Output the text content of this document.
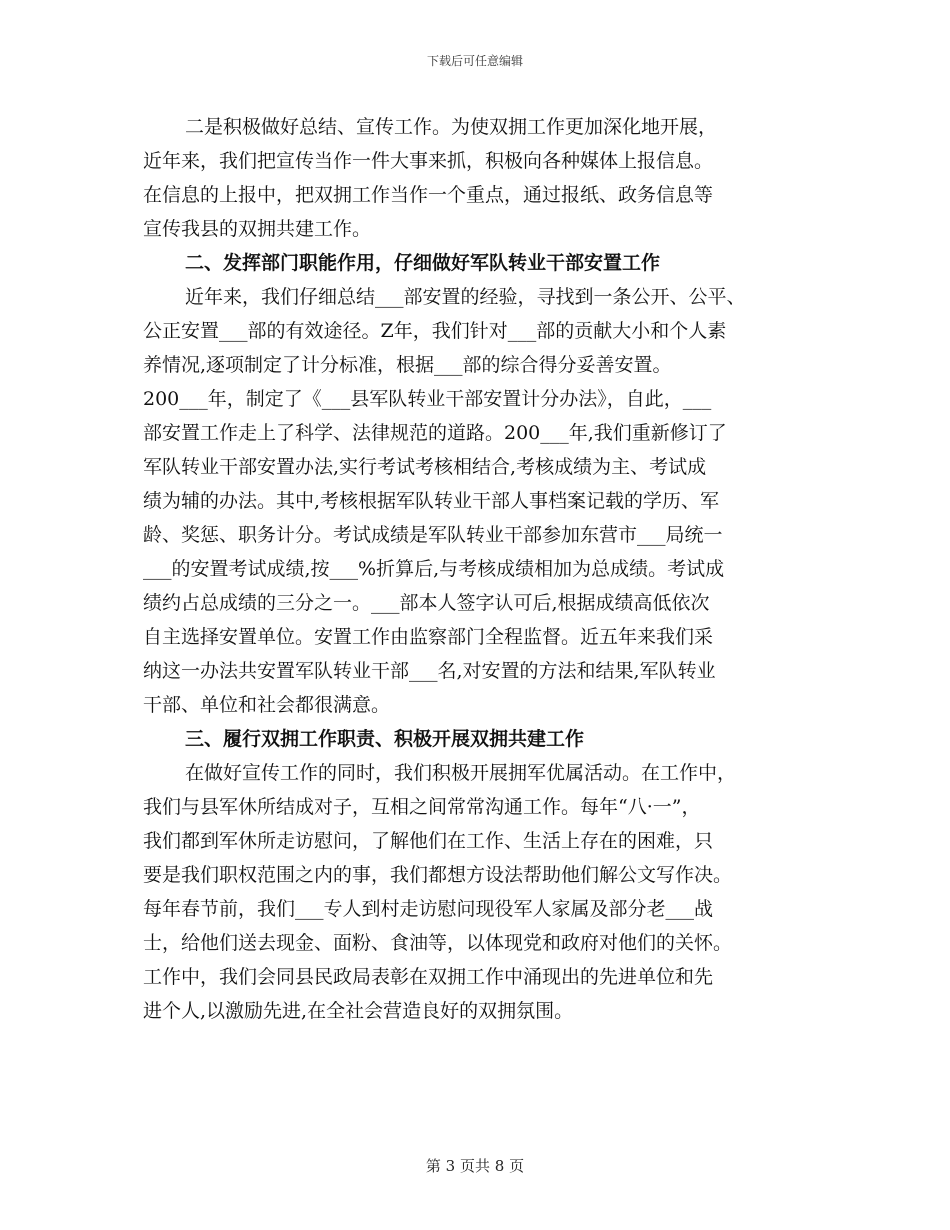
下载后可任意编辑
二是积极做好总结、宣传工作。为使双拥工作更加深化地开展，
近年来，我们把宣传当作一件大事来抓，积极向各种媒体上报信息。
在信息的上报中，把双拥工作当作一个重点，通过报纸、政务信息等
宣传我县的双拥共建工作。
二、发挥部门职能作用，仔细做好军队转业干部安置工作
近年来，我们仔细总结___部安置的经验，寻找到一条公开、公平、
公正安置___部的有效途径。Z年，我们针对___部的贡献大小和个人素
养情况,逐项制定了计分标准，根据___部的综合得分妥善安置。
200___年，制定了《___县军队转业干部安置计分办法》，自此，___
部安置工作走上了科学、法律规范的道路。200___年,我们重新修订了
军队转业干部安置办法,实行考试考核相结合,考核成绩为主、考试成
绩为辅的办法。其中,考核根据军队转业干部人事档案记载的学历、军
龄、奖惩、职务计分。考试成绩是军队转业干部参加东营市___局统一
___的安置考试成绩,按___%折算后,与考核成绩相加为总成绩。考试成
绩约占总成绩的三分之一。___部本人签字认可后,根据成绩高低依次
自主选择安置单位。安置工作由监察部门全程监督。近五年来我们采
纳这一办法共安置军队转业干部___名,对安置的方法和结果,军队转业
干部、单位和社会都很满意。
三、履行双拥工作职责、积极开展双拥共建工作
在做好宣传工作的同时，我们积极开展拥军优属活动。在工作中，
我们与县军休所结成对子，互相之间常常沟通工作。每年“八·一”，
我们都到军休所走访慰问，了解他们在工作、生活上存在的困难，只
要是我们职权范围之内的事，我们都想方设法帮助他们解公文写作决。
每年春节前，我们___专人到村走访慰问现役军人家属及部分老___战
士，给他们送去现金、面粉、食油等，以体现党和政府对他们的关怀。
工作中，我们会同县民政局表彰在双拥工作中涌现出的先进单位和先
进个人,以激励先进,在全社会营造良好的双拥氛围。
第 3 页共 8 页
